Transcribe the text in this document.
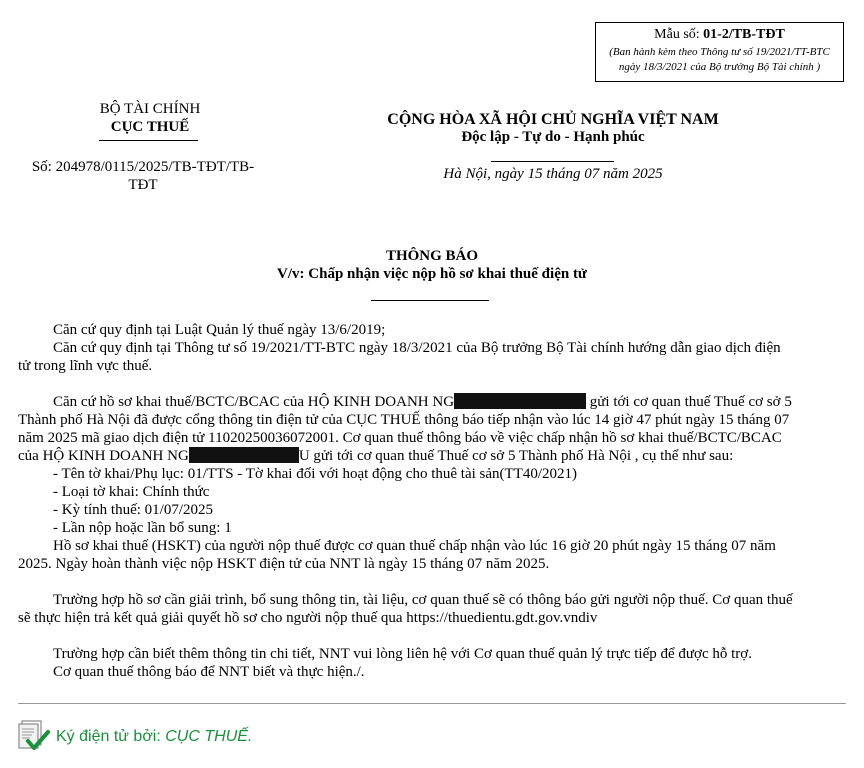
Mẫu số: 01-2/TB-TĐT
(Ban hành kèm theo Thông tư số 19/2021/TT-BTC
ngày 18/3/2021 của Bộ trưởng Bộ Tài chính )
BỘ TÀI CHÍNH
CỤC THUẾ
Số: 204978/0115/2025/TB-TĐT/TB-
TĐT
CỘNG HÒA XÃ HỘI CHỦ NGHĨA VIỆT NAM
Độc lập - Tự do - Hạnh phúc
Hà Nội, ngày 15 tháng 07 năm 2025
THÔNG BÁO
V/v: Chấp nhận việc nộp hồ sơ khai thuế điện tử

Căn cứ quy định tại Luật Quản lý thuế ngày 13/6/2019;

Căn cứ quy định tại Thông tư số 19/2021/TT-BTC ngày 18/3/2021 của Bộ trưởng Bộ Tài chính hướng dẫn giao dịch điện

tử trong lĩnh vực thuế.

Căn cứ hồ sơ khai thuế/BCTC/BCAC của HỘ KINH DOANH NG	gửi tới cơ quan thuế Thuế cơ sở 5

Thành phố Hà Nội đã được cổng thông tin điện tử của CỤC THUẾ thông báo tiếp nhận vào lúc 14 giờ 47 phút ngày 15 tháng 07

năm 2025 mã giao dịch điện tử 11020250036072001. Cơ quan thuế thông báo về việc chấp nhận hồ sơ khai thuế/BCTC/BCAC

của HỘ KINH DOANH NG	U gửi tới cơ quan thuế Thuế cơ sở 5 Thành phố Hà Nội , cụ thể như sau:

- Tên tờ khai/Phụ lục: 01/TTS - Tờ khai đối với hoạt động cho thuê tài sản(TT40/2021)

- Loại tờ khai: Chính thức

- Kỳ tính thuế: 01/07/2025

- Lần nộp hoặc lần bổ sung: 1

Hồ sơ khai thuế (HSKT) của người nộp thuế được cơ quan thuế chấp nhận vào lúc 16 giờ 20 phút ngày 15 tháng 07 năm

2025. Ngày hoàn thành việc nộp HSKT điện tử của NNT là ngày 15 tháng 07 năm 2025.

Trường hợp hồ sơ cần giải trình, bổ sung thông tin, tài liệu, cơ quan thuế sẽ có thông báo gửi người nộp thuế. Cơ quan thuế

sẽ thực hiện trả kết quả giải quyết hồ sơ cho người nộp thuế qua https://thuedientu.gdt.gov.vndiv

Trường hợp cần biết thêm thông tin chi tiết, NNT vui lòng liên hệ với Cơ quan thuế quản lý trực tiếp để được hỗ trợ.

Cơ quan thuế thông báo để NNT biết và thực hiện./.

Ký điện tử bởi: CỤC THUẾ.
